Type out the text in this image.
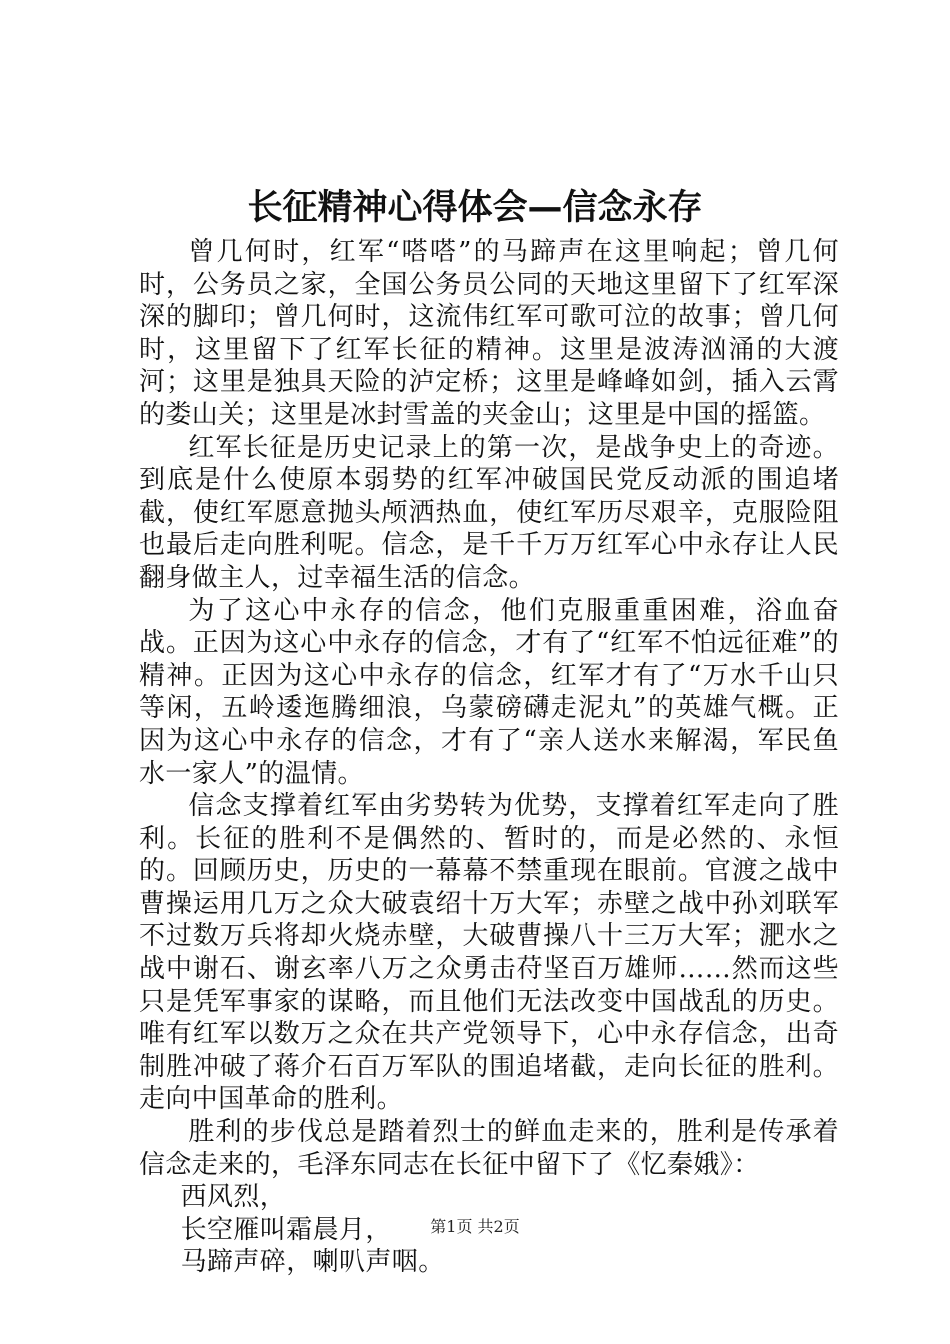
长征精神心得体会—信念永存

曾几何时，红军“嗒嗒”的马蹄声在这里响起；曾几何时，公务员之家，全国公务员公同的天地这里留下了红军深深的脚印；曾几何时，这流伟红军可歌可泣的故事；曾几何时，这里留下了红军长征的精神。这里是波涛汹涌的大渡河；这里是独具天险的泸定桥；这里是峰峰如剑，插入云霄的娄山关；这里是冰封雪盖的夹金山；这里是中国的摇篮。

红军长征是历史记录上的第一次，是战争史上的奇迹。到底是什么使原本弱势的红军冲破国民党反动派的围追堵截，使红军愿意抛头颅洒热血，使红军历尽艰辛，克服险阻也最后走向胜利呢。信念，是千千万万红军心中永存让人民翻身做主人，过幸福生活的信念。

为了这心中永存的信念，他们克服重重困难，浴血奋战。正因为这心中永存的信念，才有了“红军不怕远征难”的精神。正因为这心中永存的信念，红军才有了“万水千山只等闲，五岭逶迤腾细浪，乌蒙磅礴走泥丸”的英雄气概。正因为这心中永存的信念，才有了“亲人送水来解渴，军民鱼水一家人”的温情。

信念支撑着红军由劣势转为优势，支撑着红军走向了胜利。长征的胜利不是偶然的、暂时的，而是必然的、永恒的。回顾历史，历史的一幕幕不禁重现在眼前。官渡之战中曹操运用几万之众大破袁绍十万大军；赤壁之战中孙刘联军不过数万兵将却火烧赤壁，大破曹操八十三万大军；淝水之战中谢石、谢玄率八万之众勇击苻坚百万雄师……然而这些只是凭军事家的谋略，而且他们无法改变中国战乱的历史。唯有红军以数万之众在共产党领导下，心中永存信念，出奇制胜冲破了蒋介石百万军队的围追堵截，走向长征的胜利。走向中国革命的胜利。

胜利的步伐总是踏着烈士的鲜血走来的，胜利是传承着信念走来的，毛泽东同志在长征中留下了《忆秦娥》：

西风烈，

长空雁叫霜晨月，

马蹄声碎，喇叭声咽。

第1页 共2页
